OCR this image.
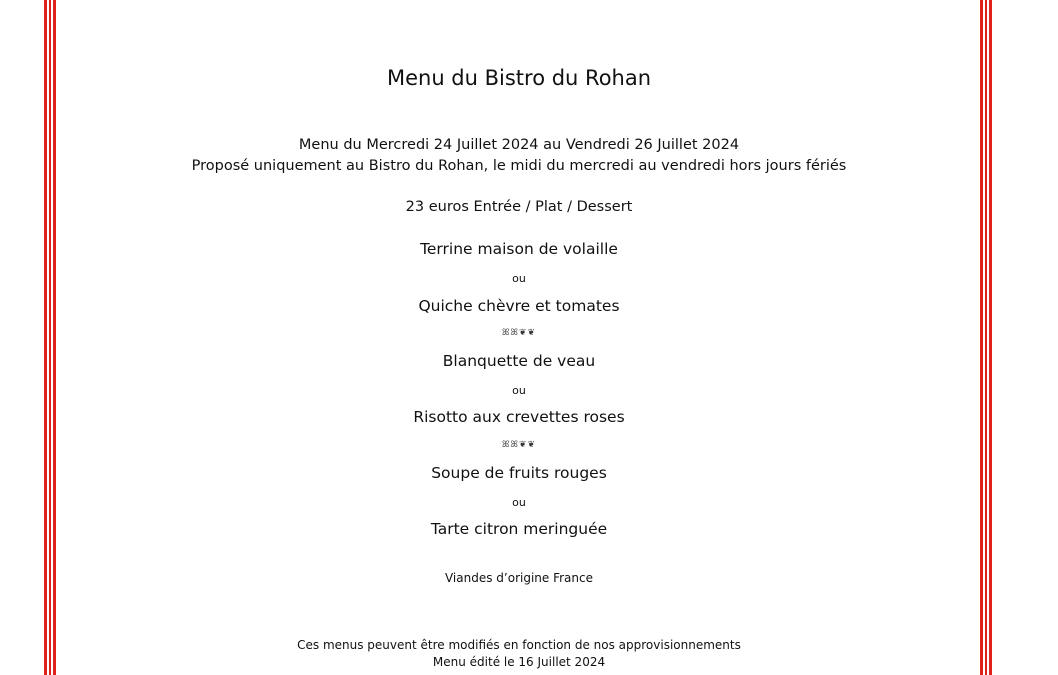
Menu du Bistro du Rohan
Menu du Mercredi 24 Juillet 2024 au Vendredi 26 Juillet 2024
Proposé uniquement au Bistro du Rohan, le midi du mercredi au vendredi hors jours fériés
23 euros Entrée / Plat / Dessert
Terrine maison de volaille
ou
Quiche chèvre et tomates
ꕤꕤ❦❦
Blanquette de veau
ou
Risotto aux crevettes roses
ꕤꕤ❦❦
Soupe de fruits rouges
ou
Tarte citron meringuée
Viandes d’origine France
Ces menus peuvent être modifiés en fonction de nos approvisionnements
Menu édité le 16 Juillet 2024
